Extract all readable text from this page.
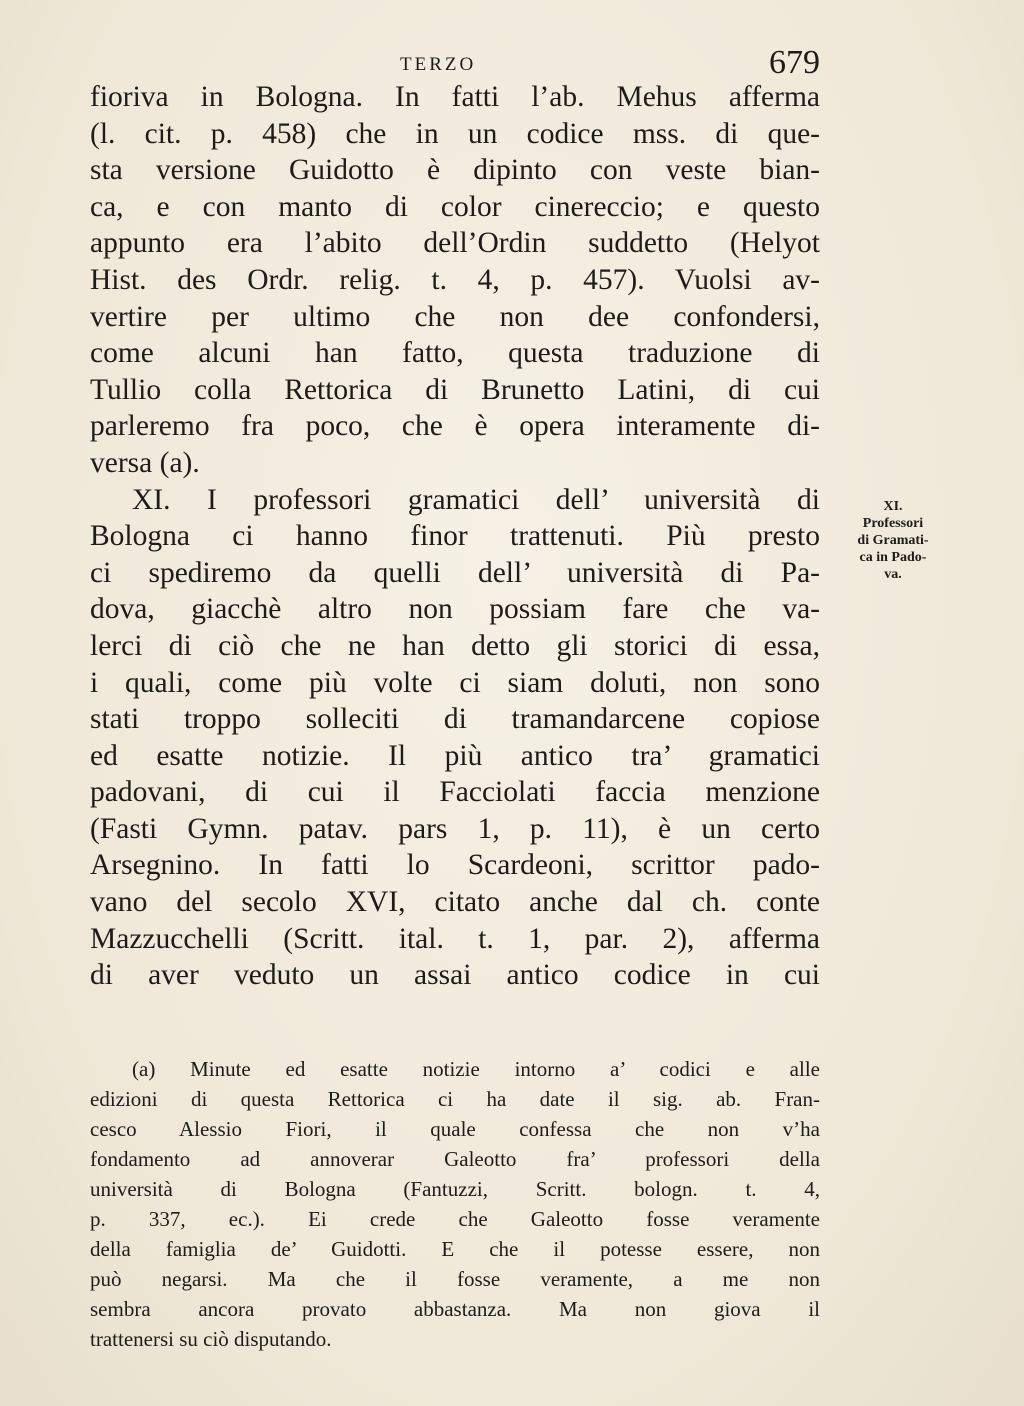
TERZO	679
fioriva in Bologna. In fatti l’ab. Mehus afferma
(l. cit. p. 458) che in un codice mss. di que-
sta versione Guidotto è dipinto con veste bian-
ca, e con manto di color cinereccio; e questo
appunto era l’abito dell’Ordin suddetto (Helyot
Hist. des Ordr. relig. t. 4, p. 457). Vuolsi av-
vertire per ultimo che non dee confondersi,
come alcuni han fatto, questa traduzione di
Tullio colla Rettorica di Brunetto Latini, di cui
parleremo fra poco, che è opera interamente di-
versa (a).
XI. I professori gramatici dell’ università di
Bologna ci hanno finor trattenuti. Più presto
ci spediremo da quelli dell’ università di Pa-
dova, giacchè altro non possiam fare che va-
lerci di ciò che ne han detto gli storici di essa,
i quali, come più volte ci siam doluti, non sono
stati troppo solleciti di tramandarcene copiose
ed esatte notizie. Il più antico tra’ gramatici
padovani, di cui il Facciolati faccia menzione
(Fasti Gymn. patav. pars 1, p. 11), è un certo
Arsegnino. In fatti lo Scardeoni, scrittor pado-
vano del secolo XVI, citato anche dal ch. conte
Mazzucchelli (Scritt. ital. t. 1, par. 2), afferma
di aver veduto un assai antico codice in cui
XI.
Professori
di Gramati-
ca in Pado-
va.
(a) Minute ed esatte notizie intorno a’ codici e alle
edizioni di questa Rettorica ci ha date il sig. ab. Fran-
cesco Alessio Fiori, il quale confessa che non v’ha
fondamento ad annoverar Galeotto fra’ professori della
università di Bologna (Fantuzzi, Scritt. bologn. t. 4,
p. 337, ec.). Ei crede che Galeotto fosse veramente
della famiglia de’ Guidotti. E che il potesse essere, non
può negarsi. Ma che il fosse veramente, a me non
sembra ancora provato abbastanza. Ma non giova il
trattenersi su ciò disputando.
